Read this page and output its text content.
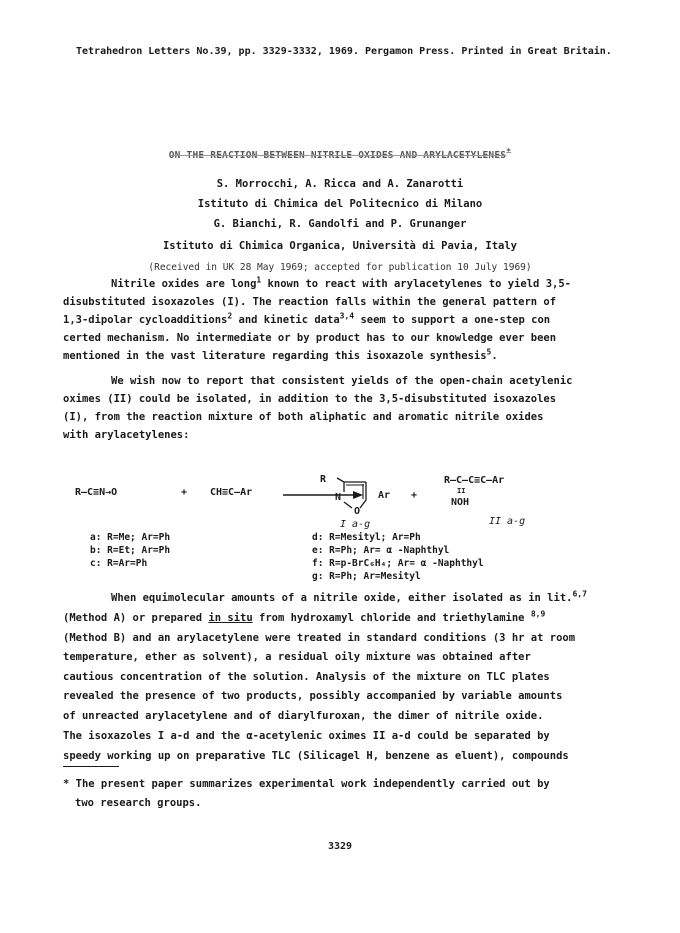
Tetrahedron Letters No.39, pp. 3329-3332, 1969. Pergamon Press. Printed in Great Britain.
ON THE REACTION BETWEEN NITRILE OXIDES AND ARYLACETYLENES*
S. Morrocchi, A. Ricca and A. Zanarotti
Istituto di Chimica del Politecnico di Milano
G. Bianchi, R. Gandolfi and P. Grunanger
Istituto di Chimica Organica, Università di Pavia, Italy
(Received in UK 28 May 1969; accepted for publication 10 July 1969)
Nitrile oxides are long$^1$ known to react with arylacetylenes to yield 3,5-
disubstituted isoxazoles (I). The reaction falls within the general pattern of
1,3-dipolar cycloadditions$^2$ and kinetic data$^{3,4}$ seem to support a one-step con
certed mechanism. No intermediate or by product has to our knowledge ever been
mentioned in the vast literature regarding this isoxazole synthesis$^5$.
We wish now to report that consistent yields of the open-chain acetylenic
oximes (II) could be isolated, in addition to the 3,5-disubstituted isoxazoles
(I), from the reaction mixture of both aliphatic and aromatic nitrile oxides
with arylacetylenes:
R–C≡N→O	+ CH≡C–Ar
R
N
O
Ar
I a-g
+
R–C–C≡C–Ar
II
NOH
II a-g
a: R=Me; Ar=Ph
b: R=Et; Ar=Ph
c: R=Ar=Ph
d: R=Mesityl; Ar=Ph
e: R=Ph; Ar= α -Naphthyl
f: R=p-BrC₆H₄; Ar= α -Naphthyl
g: R=Ph; Ar=Mesityl
When equimolecular amounts of a nitrile oxide, either isolated as in lit.$^{6,7}$
(Method A) or prepared in situ from hydroxamyl chloride and triethylamine $^{8,9}$
(Method B) and an arylacetylene were treated in standard conditions (3 hr at room
temperature, ether as solvent), a residual oily mixture was obtained after
cautious concentration of the solution. Analysis of the mixture on TLC plates
revealed the presence of two products, possibly accompanied by variable amounts
of unreacted arylacetylene and of diarylfuroxan, the dimer of nitrile oxide.
The isoxazoles I a-d and the α-acetylenic oximes II a-d could be separated by
speedy working up on preparative TLC (Silicagel H, benzene as eluent), compounds
* The present paper summarizes experimental work independently carried out by
two research groups.
3329
